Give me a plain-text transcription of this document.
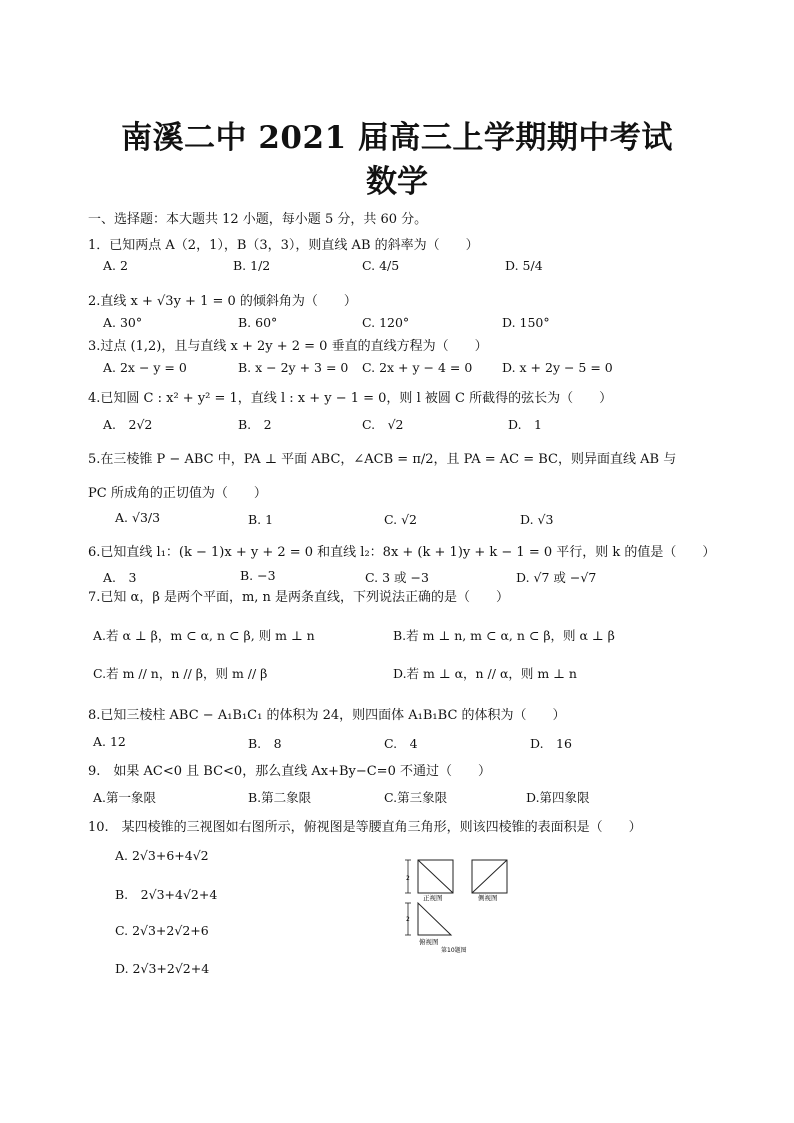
南溪二中 2021 届高三上学期期中考试
数学
一、选择题：本大题共 12 小题，每小题 5 分，共 60 分。
1．已知两点 A（2，1），B（3，3），则直线 AB 的斜率为（　　）
A. 2	B. 1/2	C. 4/5	D. 5/4
2.直线 x + √3y + 1 = 0 的倾斜角为（　　）
A. 30°	B. 60°	C. 120°	D. 150°
3.过点 (1,2)，且与直线 x + 2y + 2 = 0 垂直的直线方程为（　　）
A. 2x − y = 0	B. x − 2y + 3 = 0 C. 2x + y − 4 = 0 D. x + 2y − 5 = 0
4.已知圆 C : x² + y² = 1，直线 l : x + y − 1 = 0，则 l 被圆 C 所截得的弦长为（　　）
A.　2√2	B.　2	C.　√2	D.　1
5.在三棱锥 P − ABC 中，PA ⊥ 平面 ABC，∠ACB = π/2，且 PA = AC = BC，则异面直线 AB 与
PC 所成角的正切值为（　　）
A. √3/3	B. 1	C. √2	D. √3
6.已知直线 l₁：(k − 1)x + y + 2 = 0 和直线 l₂：8x + (k + 1)y + k − 1 = 0 平行，则 k 的值是（　　）
A.　3	B. −3	C. 3 或 −3	D. √7 或 −√7
7.已知 α，β 是两个平面，m, n 是两条直线，下列说法正确的是（　　）
A.若 α ⊥ β，m ⊂ α, n ⊂ β, 则 m ⊥ n	B.若 m ⊥ n, m ⊂ α, n ⊂ β，则 α ⊥ β
C.若 m // n，n // β，则 m // β	D.若 m ⊥ α，n // α，则 m ⊥ n
8.已知三棱柱 ABC − A₁B₁C₁ 的体积为 24，则四面体 A₁B₁BC 的体积为（　　）
A. 12	B.　8	C.　4	D.　16
9.　如果 AC<0 且 BC<0，那么直线 Ax+By−C=0 不通过（　　）
A.第一象限	B.第二象限	C.第三象限	D.第四象限
10.　某四棱锥的三视图如右图所示，俯视图是等腰直角三角形，则该四棱锥的表面积是（　　）
A. 2√3+6+4√2
B.　2√3+4√2+4
C. 2√3+2√2+6
D. 2√3+2√2+4
2
正视图	侧视图
2
俯视图
第10题图
